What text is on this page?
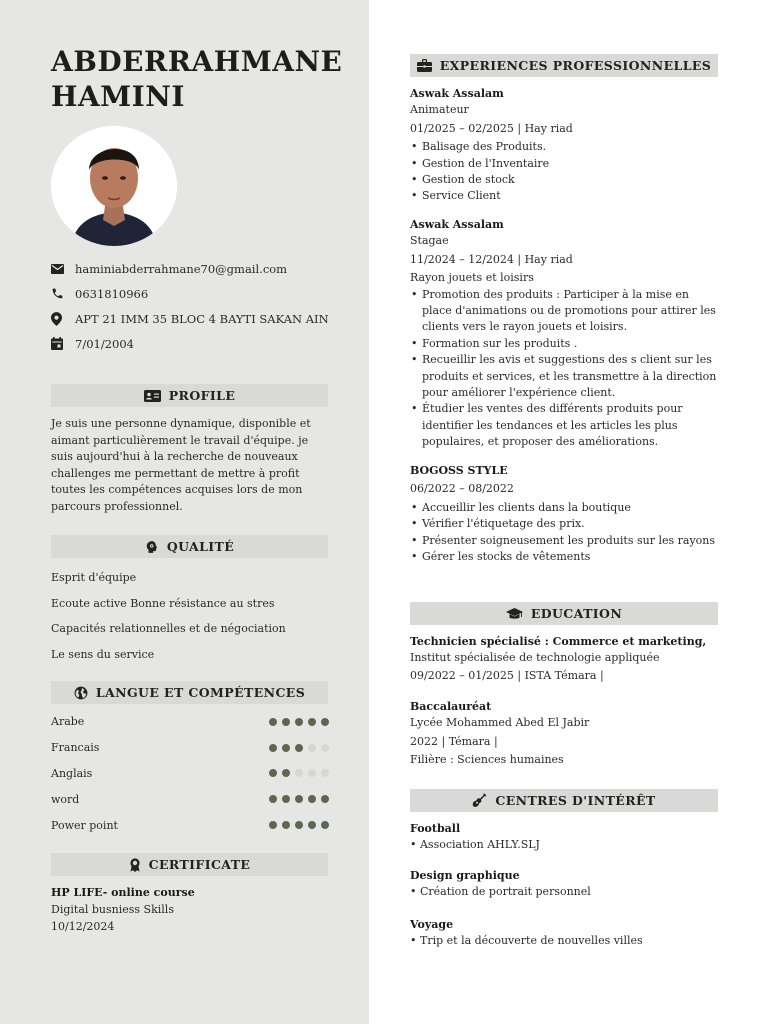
ABDERRAHMANE
HAMINI
haminiabderrahmane70@gmail.com
0631810966
APT 21 IMM 35 BLOC 4 BAYTI SAKAN AIN
7/01/2004
PROFILE
Je suis une personne dynamique, disponible et aimant particulièrement le travail d'équipe. je suis aujourd'hui à la recherche de nouveaux challenges me permettant de mettre à profit toutes les compétences acquises lors de mon parcours professionnel.
QUALITÉ
Esprit d'équipe
Ecoute active Bonne résistance au stres
Capacités relationnelles et de négociation
Le sens du service
LANGUE ET COMPÉTENCES
Arabe
Francais
Anglais
word
Power point
CERTIFICATE
HP LIFE- online course
Digital busniess Skills
10/12/2024
EXPERIENCES PROFESSIONNELLES
Aswak Assalam
Animateur
01/2025 – 02/2025 | Hay riad
• Balisage des Produits.
• Gestion de l'Inventaire
• Gestion de stock
• Service Client
Aswak Assalam
Stagae
11/2024 – 12/2024 | Hay riad
Rayon jouets et loisirs
• Promotion des produits : Participer à la mise en place d'animations ou de promotions pour attirer les clients vers le rayon jouets et loisirs.
• Formation sur les produits .
• Recueillir les avis et suggestions des s client sur les produits et services, et les transmettre à la direction pour améliorer l'expérience client.
• Étudier les ventes des différents produits pour identifier les tendances et les articles les plus populaires, et proposer des améliorations.
BOGOSS STYLE
06/2022 – 08/2022
• Accueillir les clients dans la boutique
• Vérifier l'étiquetage des prix.
• Présenter soigneusement les produits sur les rayons
• Gérer les stocks de vêtements
EDUCATION
Technicien spécialisé : Commerce et marketing,
Institut spécialisée de technologie appliquée
09/2022 – 01/2025 | ISTA Témara |
Baccalauréat
Lycée Mohammed Abed El Jabir
2022 | Témara |
Filière : Sciences humaines
CENTRES D'INTÉRÊT
Football
• Association AHLY.SLJ
Design graphique
• Création de portrait personnel
Voyage
• Trip et la découverte de nouvelles villes
